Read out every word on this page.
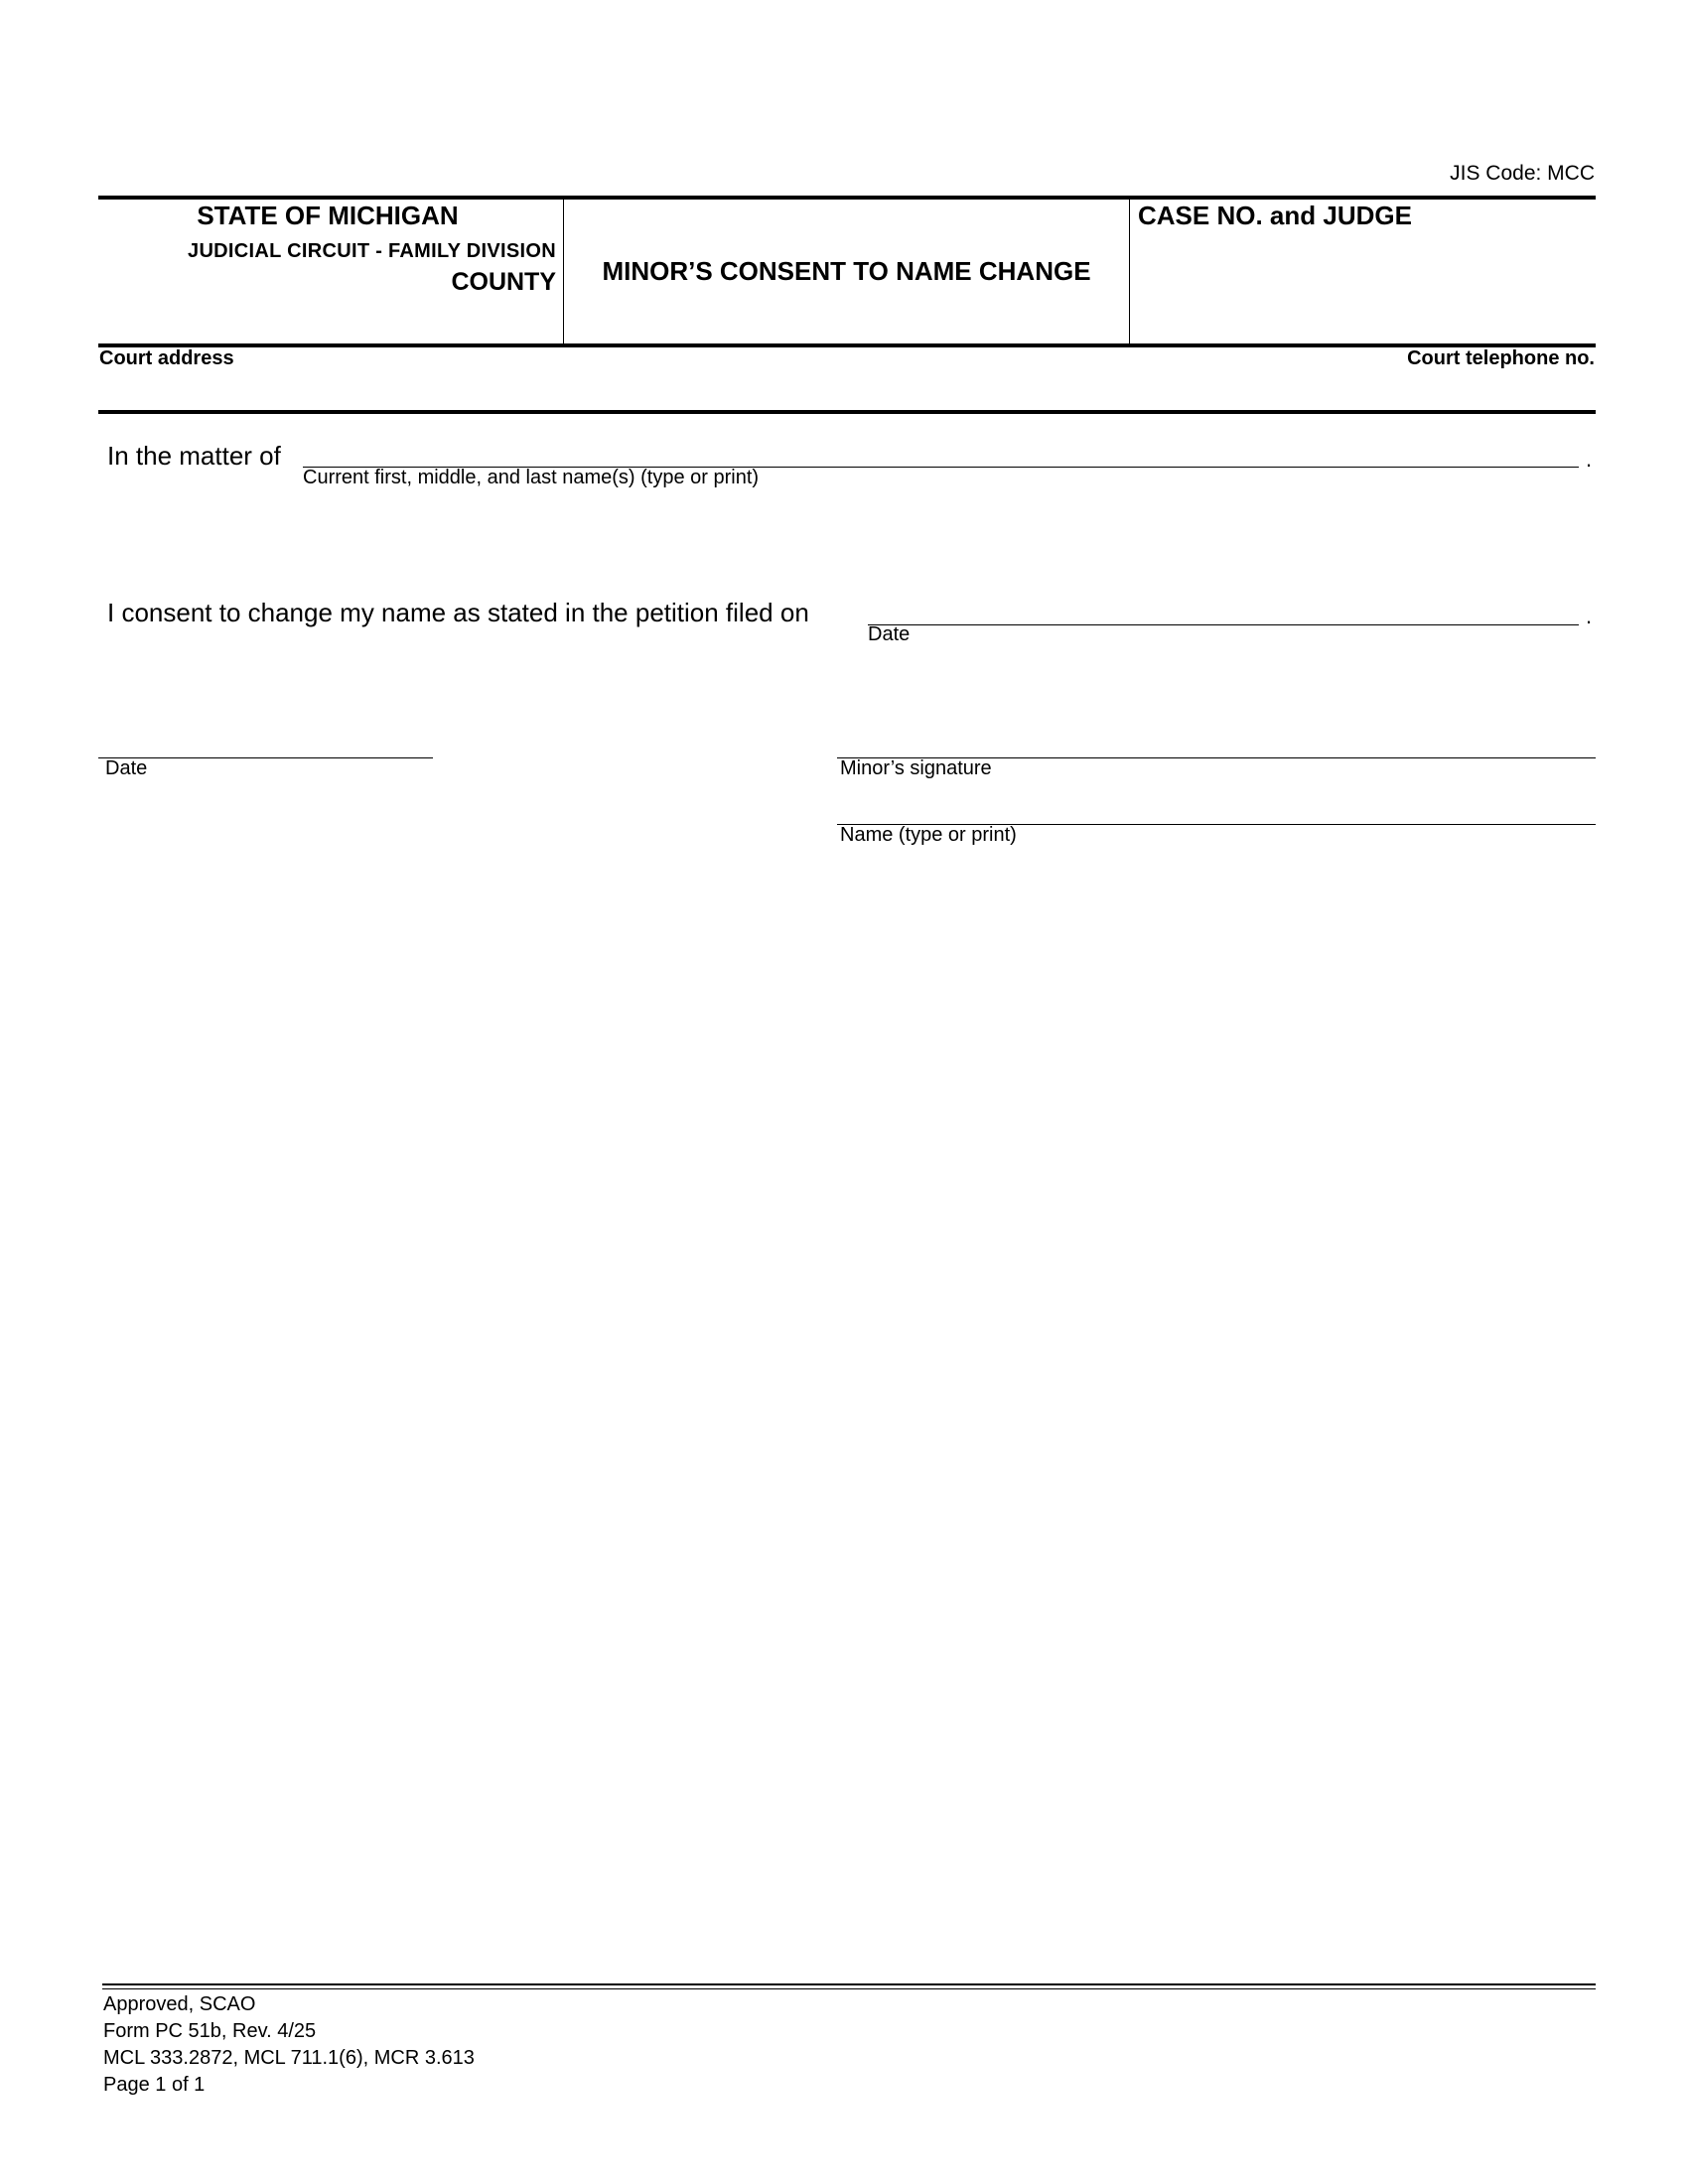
JIS Code: MCC
STATE OF MICHIGAN
JUDICIAL CIRCUIT - FAMILY DIVISION
COUNTY	MINOR’S CONSENT TO NAME CHANGE
CASE NO. and JUDGE
Court address	Court telephone no.
In the matter of	.
Current first, middle, and last name(s) (type or print)
I consent to change my name as stated in the petition filed on	.
Date
Date	Minor’s signature
Name (type or print)
Approved, SCAO
Form PC 51b, Rev. 4/25
MCL 333.2872, MCL 711.1(6), MCR 3.613
Page 1 of 1
